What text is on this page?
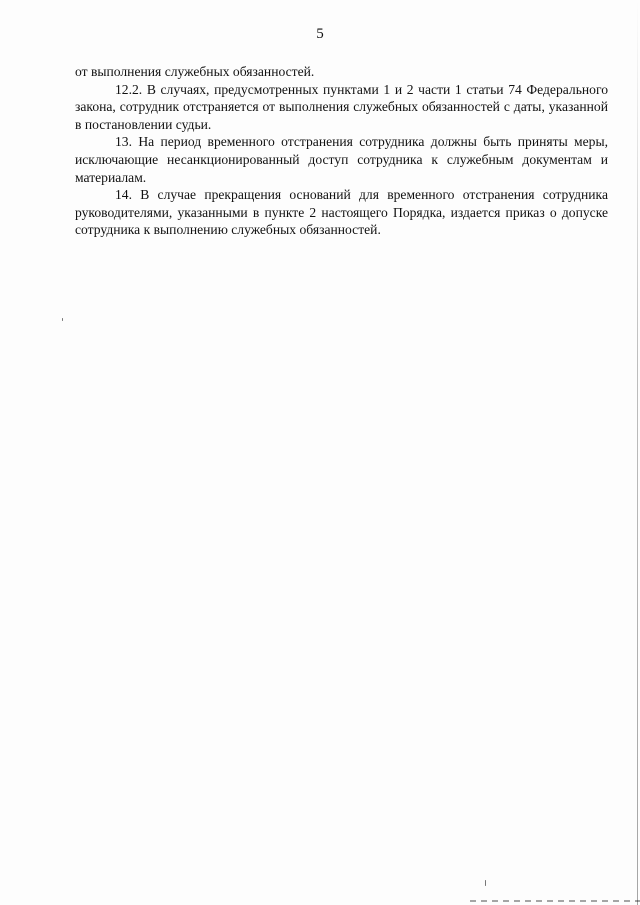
5

от выполнения служебных обязанностей.

12.2. В случаях, предусмотренных пунктами 1 и 2 части 1 статьи 74 Федерального закона, сотрудник отстраняется от выполнения служебных обязанностей с даты, указанной в постановлении судьи.

13. На период временного отстранения сотрудника должны быть приняты меры, исключающие несанкционированный доступ сотрудника к служебным документам и материалам.

14. В случае прекращения оснований для временного отстранения сотрудника руководителями, указанными в пункте 2 настоящего Порядка, издается приказ о допуске сотрудника к выполнению служебных обязанностей.
